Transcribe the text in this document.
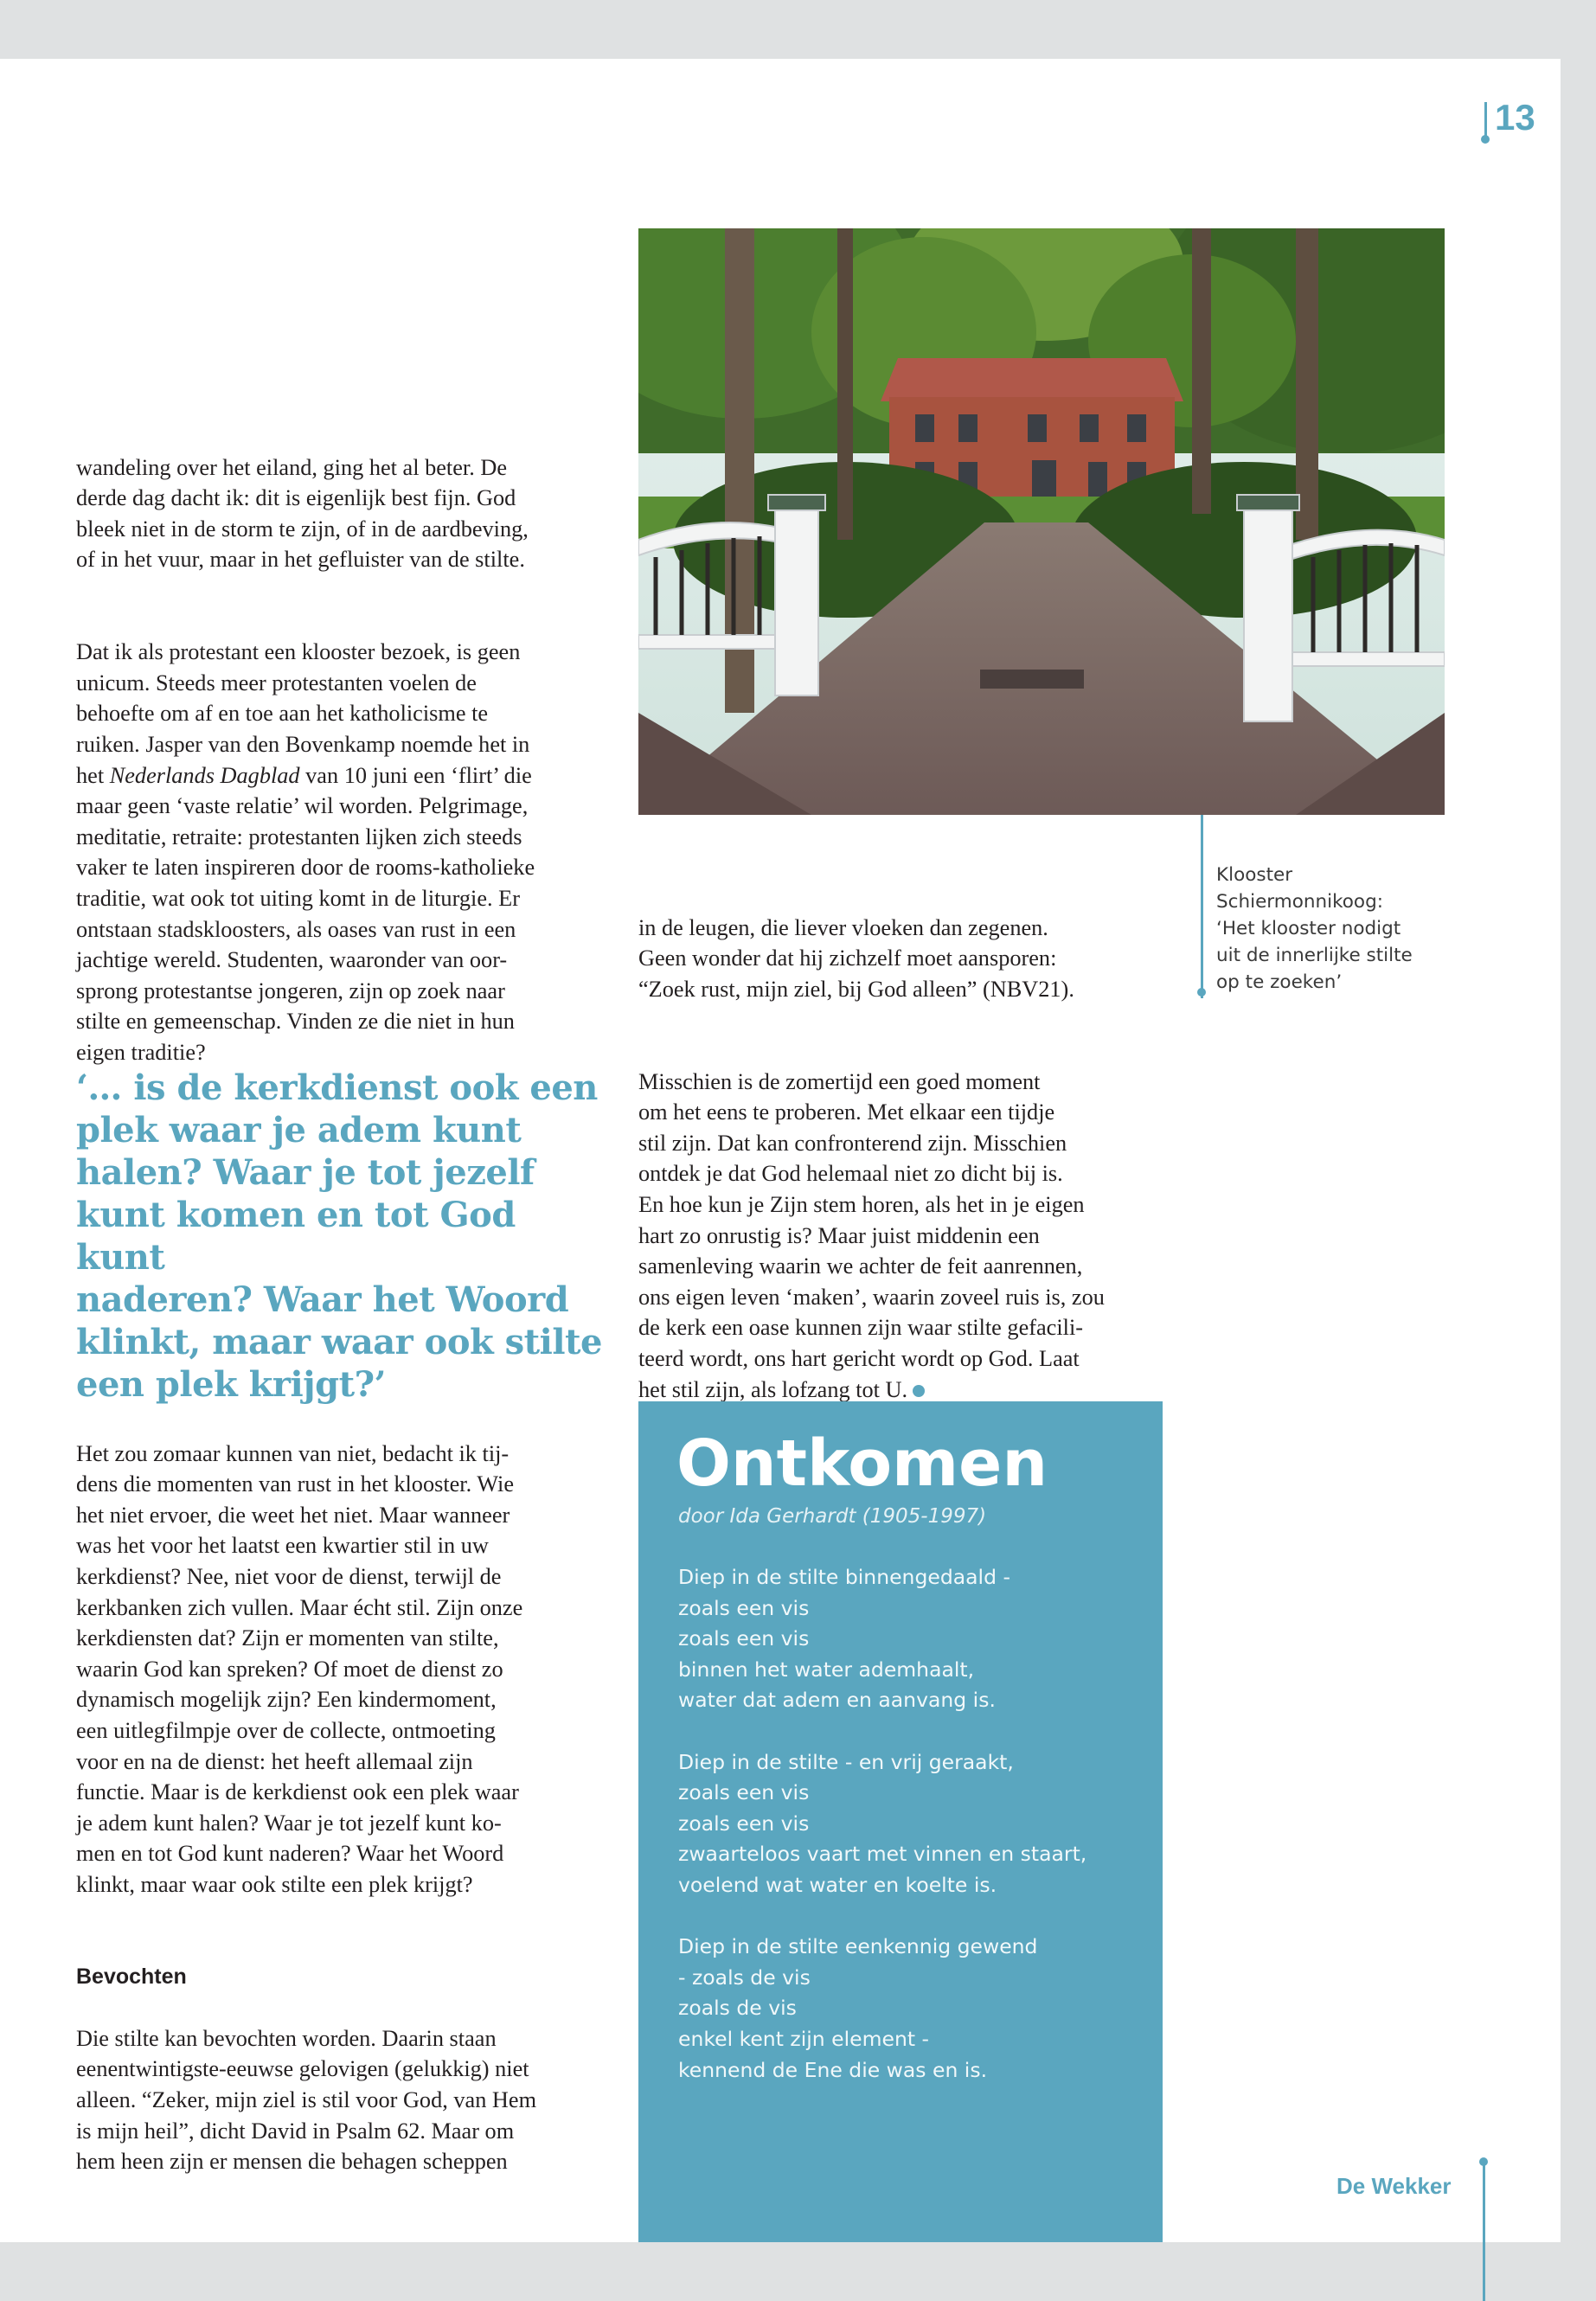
13
Klooster
Schiermonnikoog:
‘Het klooster nodigt
uit de innerlijke stilte
op te zoeken’

wandeling over het eiland, ging het al beter. De
derde dag dacht ik: dit is eigenlijk best fijn. God
bleek niet in de storm te zijn, of in de aardbeving,
of in het vuur, maar in het gefluister van de stilte.

Dat ik als protestant een klooster bezoek, is geen
unicum. Steeds meer protestanten voelen de
behoefte om af en toe aan het katholicisme te
ruiken. Jasper van den Bovenkamp noemde het in
het Nederlands Dagblad van 10 juni een ‘flirt’ die
maar geen ‘vaste relatie’ wil worden. Pelgrimage,
meditatie, retraite: protestanten lijken zich steeds
vaker te laten inspireren door de rooms-katholieke
traditie, wat ook tot uiting komt in de liturgie. Er
ontstaan stadskloosters, als oases van rust in een
jachtige wereld. Studenten, waaronder van oor-
sprong protestantse jongeren, zijn op zoek naar
stilte en gemeenschap. Vinden ze die niet in hun
eigen traditie?

‘… is de kerkdienst ook een
plek waar je adem kunt
halen? Waar je tot jezelf
kunt komen en tot God kunt
naderen? Waar het Woord
klinkt, maar waar ook stilte
een plek krijgt?’

Het zou zomaar kunnen van niet, bedacht ik tij-
dens die momenten van rust in het klooster. Wie
het niet ervoer, die weet het niet. Maar wanneer
was het voor het laatst een kwartier stil in uw
kerkdienst? Nee, niet voor de dienst, terwijl de
kerkbanken zich vullen. Maar écht stil. Zijn onze
kerkdiensten dat? Zijn er momenten van stilte,
waarin God kan spreken? Of moet de dienst zo
dynamisch mogelijk zijn? Een kindermoment,
een uitlegfilmpje over de collecte, ontmoeting
voor en na de dienst: het heeft allemaal zijn
functie. Maar is de kerkdienst ook een plek waar
je adem kunt halen? Waar je tot jezelf kunt ko-
men en tot God kunt naderen? Waar het Woord
klinkt, maar waar ook stilte een plek krijgt?

Bevochten

Die stilte kan bevochten worden. Daarin staan
eenentwintigste-eeuwse gelovigen (gelukkig) niet
alleen. “Zeker, mijn ziel is stil voor God, van Hem
is mijn heil”, dicht David in Psalm 62. Maar om
hem heen zijn er mensen die behagen scheppen

in de leugen, die liever vloeken dan zegenen.
Geen wonder dat hij zichzelf moet aansporen:
“Zoek rust, mijn ziel, bij God alleen” (NBV21).

Misschien is de zomertijd een goed moment
om het eens te proberen. Met elkaar een tijdje
stil zijn. Dat kan confronterend zijn. Misschien
ontdek je dat God helemaal niet zo dicht bij is.
En hoe kun je Zijn stem horen, als het in je eigen
hart zo onrustig is? Maar juist middenin een
samenleving waarin we achter de feit aanrennen,
ons eigen leven ‘maken’, waarin zoveel ruis is, zou
de kerk een oase kunnen zijn waar stilte gefacili-
teerd wordt, ons hart gericht wordt op God. Laat
het stil zijn, als lofzang tot U.

Ontkomen
door Ida Gerhardt (1905-1997)
Diep in de stilte binnengedaald -
zoals een vis
zoals een vis
binnen het water ademhaalt,
water dat adem en aanvang is.
Diep in de stilte - en vrij geraakt,
zoals een vis
zoals een vis
zwaarteloos vaart met vinnen en staart,
voelend wat water en koelte is.
Diep in de stilte eenkennig gewend
- zoals de vis
zoals de vis
enkel kent zijn element -
kennend de Ene die was en is.
De Wekker
